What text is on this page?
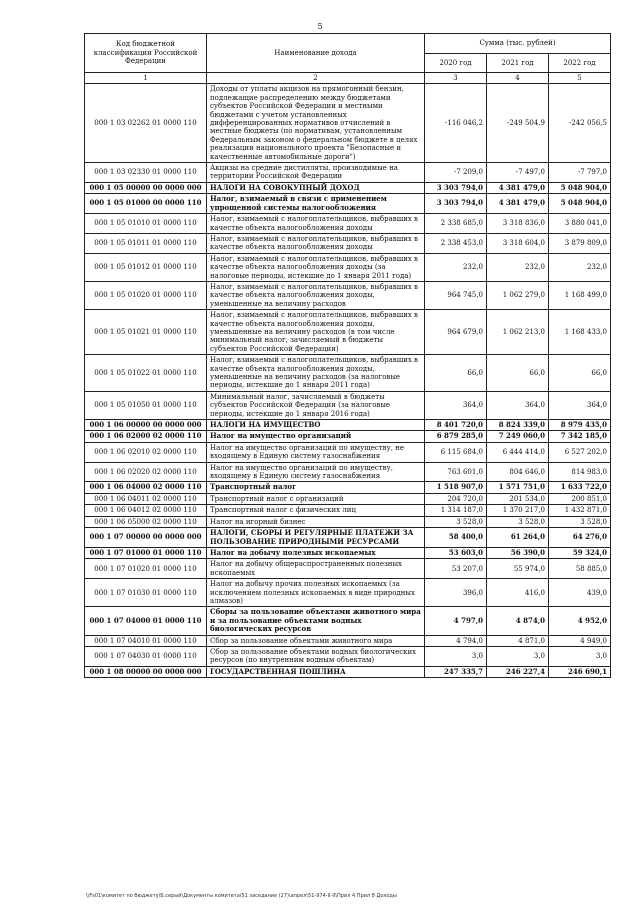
5
Код бюджетной классификации Российской Федерации	Наименование дохода	Сумма (тыс. рублей)		
		2020 год	2021 год	2022 год
1	2	3	4	5
000 1 03 02262 01 0000 110	Доходы от уплаты акцизов на прямогонный бензин, подлежащие распределению между бюджетами субъектов Российской Федерации и местными бюджетами с учетом установленных дифференцированных нормативов отчислений в местные бюджеты (по нормативам, установленным Федеральным законом о федеральном бюджете в целях реализации национального проекта "Безопасные и качественные автомобильные дороги")	-116 046,2	-249 504,9	-242 056,5
000 1 03 02330 01 0000 110	Акцизы на средние дистилляты, производимые на территории Российской Федерации	-7 209,0	-7 497,0	-7 797,0
000 1 05 00000 00 0000 000	НАЛОГИ НА СОВОКУПНЫЙ ДОХОД	3 303 794,0	4 381 479,0	5 048 904,0
000 1 05 01000 00 0000 110	Налог, взимаемый в связи с применением упрощенной системы налогообложения	3 303 794,0	4 381 479,0	5 048 904,0
000 1 05 01010 01 0000 110	Налог, взимаемый с налогоплательщиков, выбравших в качестве объекта налогообложения доходы	2 338 685,0	3 318 836,0	3 880 041,0
000 1 05 01011 01 0000 110	Налог, взимаемый с налогоплательщиков, выбравших в качестве объекта налогообложения доходы	2 338 453,0	3 318 604,0	3 879 809,0
000 1 05 01012 01 0000 110	Налог, взимаемый с налогоплательщиков, выбравших в качестве объекта налогообложения доходы (за налоговые периоды, истекшие до 1 января 2011 года)	232,0	232,0	232,0
000 1 05 01020 01 0000 110	Налог, взимаемый с налогоплательщиков, выбравших в качестве объекта налогообложения доходы, уменьшенные на величину расходов	964 745,0	1 062 279,0	1 168 499,0
000 1 05 01021 01 0000 110	Налог, взимаемый с налогоплательщиков, выбравших в качестве объекта налогообложения доходы, уменьшенные на величину расходов (в том числе минимальный налог, зачисляемый в бюджеты субъектов Российской Федерации)	964 679,0	1 062 213,0	1 168 433,0
000 1 05 01022 01 0000 110	Налог, взимаемый с налогоплательщиков, выбравших в качестве объекта налогообложения доходы, уменьшенные на величину расходов (за налоговые периоды, истекшие до 1 января 2011 года)	66,0	66,0	66,0
000 1 05 01050 01 0000 110	Минимальный налог, зачисляемый в бюджеты субъектов Российской Федерации (за налоговые периоды, истекшие до 1 января 2016 года)	364,0	364,0	364,0
000 1 06 00000 00 0000 000	НАЛОГИ НА ИМУЩЕСТВО	8 401 720,0	8 824 339,0	8 979 435,0
000 1 06 02000 02 0000 110	Налог на имущество организаций	6 879 285,0	7 249 060,0	7 342 185,0
000 1 06 02010 02 0000 110	Налог на имущество организаций по имуществу, не входящему в Единую систему газоснабжения	6 115 684,0	6 444 414,0	6 527 202,0
000 1 06 02020 02 0000 110	Налог на имущество организаций по имуществу, входящему в Единую систему газоснабжения	763 601,0	804 646,0	814 983,0
000 1 06 04000 02 0000 110	Транспортный налог	1 518 907,0	1 571 751,0	1 633 722,0
000 1 06 04011 02 0000 110	Транспортный налог с организаций	204 720,0	201 534,0	200 851,0
000 1 06 04012 02 0000 110	Транспортный налог с физических лиц	1 314 187,0	1 370 217,0	1 432 871,0
000 1 06 05000 02 0000 110	Налог на игорный бизнес	3 528,0	3 528,0	3 528,0
000 1 07 00000 00 0000 000	НАЛОГИ, СБОРЫ И РЕГУЛЯРНЫЕ ПЛАТЕЖИ ЗА ПОЛЬЗОВАНИЕ ПРИРОДНЫМИ РЕСУРСАМИ	58 400,0	61 264,0	64 276,0
000 1 07 01000 01 0000 110	Налог на добычу полезных ископаемых	53 603,0	56 390,0	59 324,0
000 1 07 01020 01 0000 110	Налог на добычу общераспространенных полезных ископаемых	53 207,0	55 974,0	58 885,0
000 1 07 01030 01 0000 110	Налог на добычу прочих полезных ископаемых (за исключением полезных ископаемых в виде природных алмазов)	396,0	416,0	439,0
000 1 07 04000 01 0000 110	Сборы за пользование объектами животного мира и за пользование объектами водных биологических ресурсов	4 797,0	4 874,0	4 952,0
000 1 07 04010 01 0000 110	Сбор за пользование объектами животного мира	4 794,0	4 871,0	4 949,0
000 1 07 04030 01 0000 110	Сбор за пользование объектами водных биологических ресурсов (по внутренним водным объектам)	3,0	3,0	3,0
000 1 08 00000 00 0000 000	ГОСУДАРСТВЕННАЯ ПОШЛИНА	247 335,7	246 227,4	246 690,1
\\Fs01\комитет по бюджету\Б.серый\Документы комитета\51 заседание (27)\апрел\51-974-II-II\Прил 4 Прил 8 Доходы
